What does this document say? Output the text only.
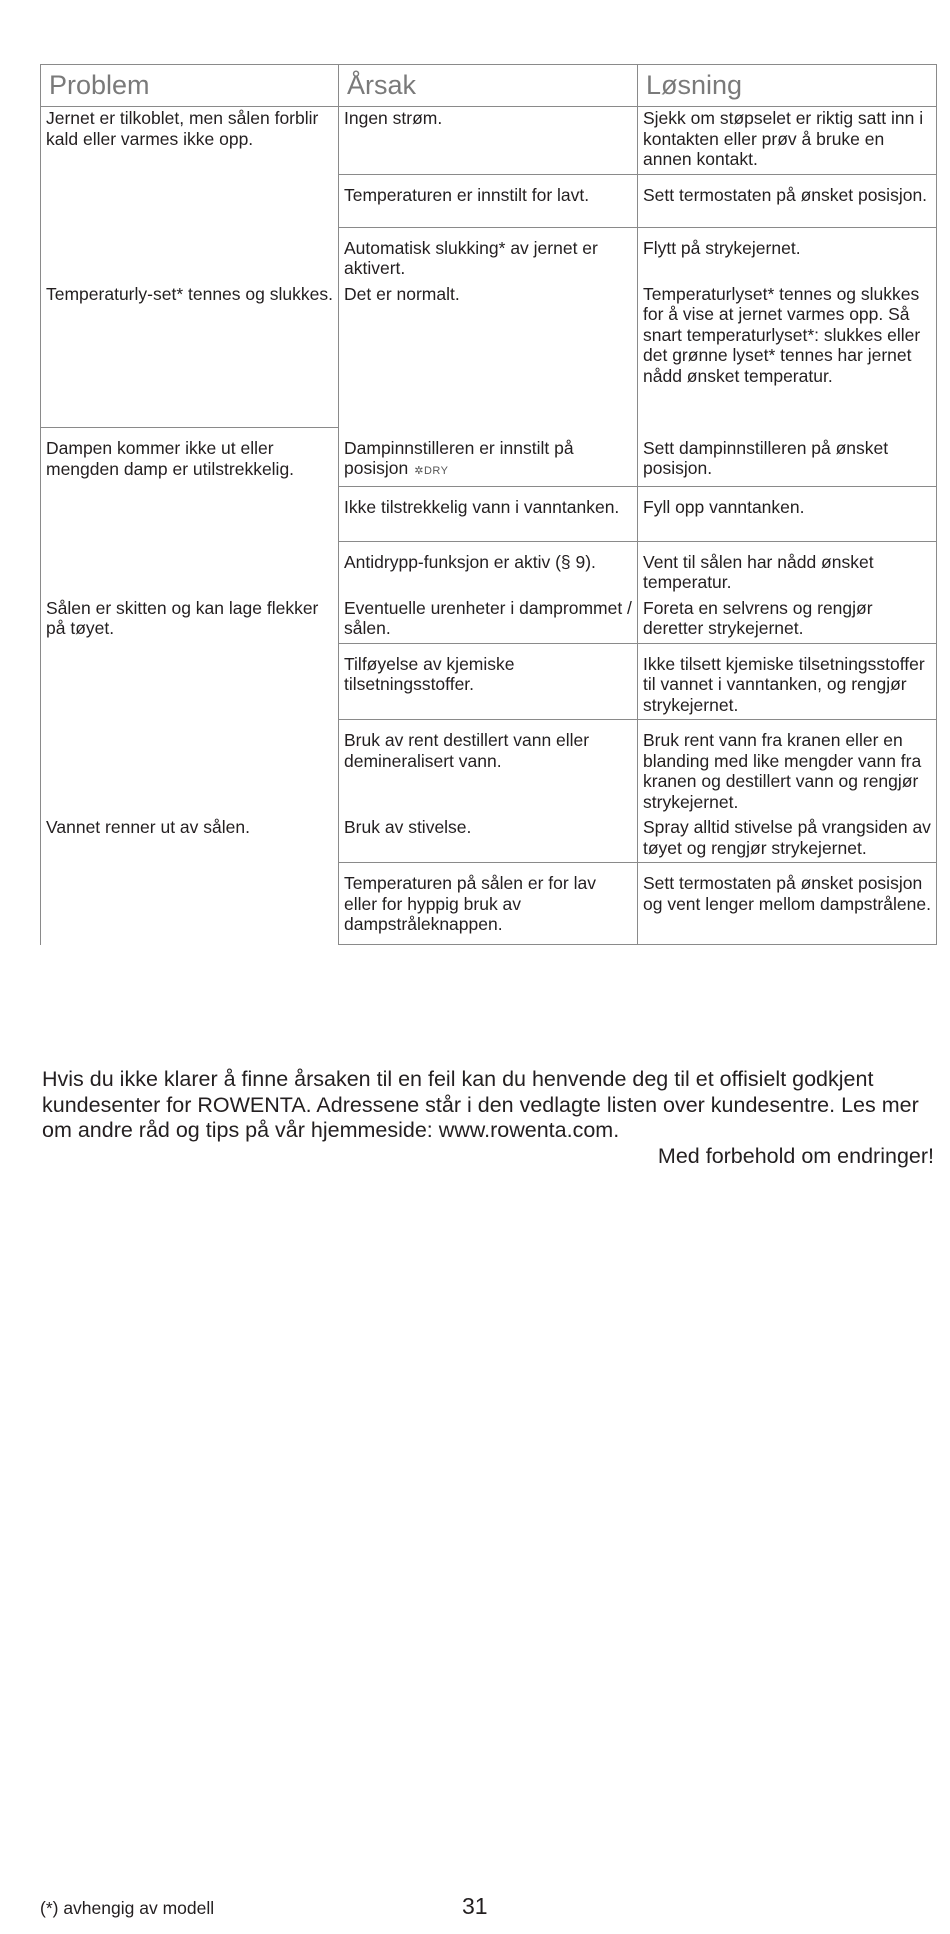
Problem	Årsak	Løsning
Jernet er tilkoblet, men sålen forblir kald eller varmes ikke opp.	Ingen strøm.	Sjekk om støpselet er riktig satt inn i kontakten eller prøv å bruke en annen kontakt.
	Temperaturen er innstilt for lavt.	Sett termostaten på ønsket posisjon.
	Automatisk slukking* av jernet er aktivert.	Flytt på strykejernet.
Temperaturly-set* tennes og slukkes.	Det er normalt.	Temperaturlyset* tennes og slukkes for å vise at jernet varmes opp. Så snart temperaturlyset*: slukkes eller det grønne lyset* tennes har jernet nådd ønsket temperatur.
Dampen kommer ikke ut eller mengden damp er utilstrekkelig.	Dampinnstilleren er innstilt på posisjon ✲DRY	Sett dampinnstilleren på ønsket posisjon.
	Ikke tilstrekkelig vann i vanntanken.	Fyll opp vanntanken.
	Antidrypp-funksjon er aktiv (§ 9).	Vent til sålen har nådd ønsket temperatur.
Sålen er skitten og kan lage flekker på tøyet.	Eventuelle urenheter i damprommet / sålen.	Foreta en selvrens og rengjør deretter strykejernet.
	Tilføyelse av kjemiske tilsetningsstoffer.	Ikke tilsett kjemiske tilsetningsstoffer til vannet i vanntanken, og rengjør strykejernet.
	Bruk av rent destillert vann eller demineralisert vann.	Bruk rent vann fra kranen eller en blanding med like mengder vann fra kranen og destillert vann og rengjør strykejernet.
Vannet renner ut av sålen.	Bruk av stivelse.	Spray alltid stivelse på vrangsiden av tøyet og rengjør strykejernet.
	Temperaturen på sålen er for lav eller for hyppig bruk av dampstråleknappen.	Sett termostaten på ønsket posisjon og vent lenger mellom dampstrålene.
Hvis du ikke klarer å finne årsaken til en feil kan du henvende deg til et offisielt godkjent kundesenter for ROWENTA. Adressene står i den vedlagte listen over kundesentre. Les mer om andre råd og tips på vår hjemmeside: www.rowenta.com.
Med forbehold om endringer!
(*) avhengig av modell	31
